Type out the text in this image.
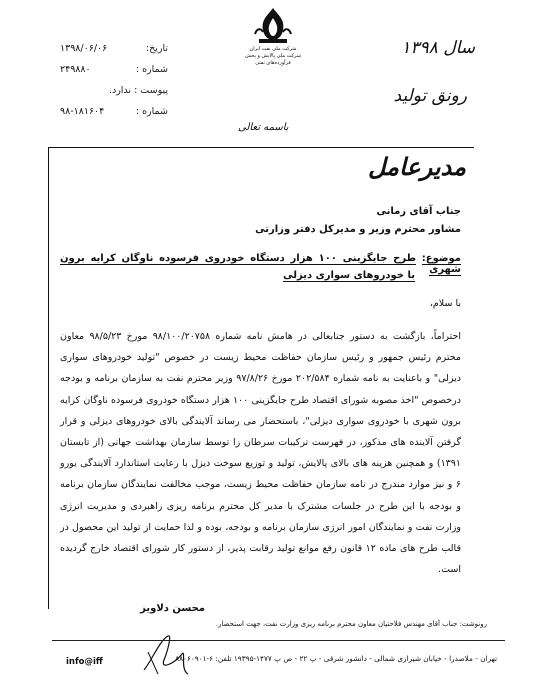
سال ۱۳۹۸
رونق تولید
شرکت ملی نفت ایران
شرکت ملی پالایش و پخش فرآورده‌های نفتی
باسمه تعالی
تاریخ:
۱۳۹۸/۰۶/۰۶
شماره :
۲۴۹۸۸۰
پیوست : ندارد.
شماره :
۹۸-۱۸۱۶۰۴
مدیرعامل
جناب آقای زمانی
مشاور محترم وزیر و مدیرکل دفتر وزارتی
موضوع: طرح جایگزینی ۱۰۰ هزار دستگاه خودروی فرسوده ناوگان کرایه برون شهری
با خودروهای سواری دیزلی
با سلام،
احتراماً، بازگشت به دستور جنابعالی در هامش نامه شماره ۹۸/۱۰۰/۲۰۷۵۸ مورخ ۹۸/۵/۲۳ معاون محترم رئیس جمهور و رئیس سازمان حفاظت محیط زیست در خصوص "تولید خودروهای سواری دیزلی" و باعنایت به نامه شماره ۲۰۲/۵۸۴ مورخ ۹۷/۸/۲۶ وزیر محترم نفت به سازمان برنامه و بودجه درخصوص "اخذ مصوبه شورای اقتصاد طرح جایگزینی ۱۰۰ هزار دستگاه خودروی فرسوده ناوگان کرایه برون شهری با خودروی سواری دیزلی"، باستحضار می رساند آلایندگی بالای خودروهای دیزلی و قرار گرفتن آلاینده های مذکور، در فهرست ترکیبات سرطان زا توسط سازمان بهداشت جهانی (از تابستان ۱۳۹۱) و همچنین هزینه های بالای پالایش، تولید و توزیع سوخت دیزل با رعایت استاندارد آلایندگی یورو ۶ و نیز موارد مندرج در نامه سازمان حفاظت محیط زیست، موجب مخالفت نمایندگان سازمان برنامه و بودجه با این طرح در جلسات مشترک با مدیر کل محترم برنامه ریزی راهبردی و مدیریت انرژی وزارت نفت و نمایندگان امور انرژی سازمان برنامه و بودجه، بوده و لذا حمایت از تولید این محصول در قالب طرح های ماده ۱۲ قانون رفع موانع تولید رقابت پذیر، از دستور کار شورای اقتصاد خارج گردیده است.
محسن دلاویز
رونوشت: جناب آقای مهندس فلاحتیان معاون محترم برنامه ریزی وزارت نفت، جهت استحضار.
تهران - ملاصدرا - خیابان شیرازی شمالی - دانشور شرقی - پ ۲۲ - ص پ ۱۴۷۷-۱۹۳۹۵ تلفن: ۶-۸۸۰۶۰۹۰۱
info@iff
